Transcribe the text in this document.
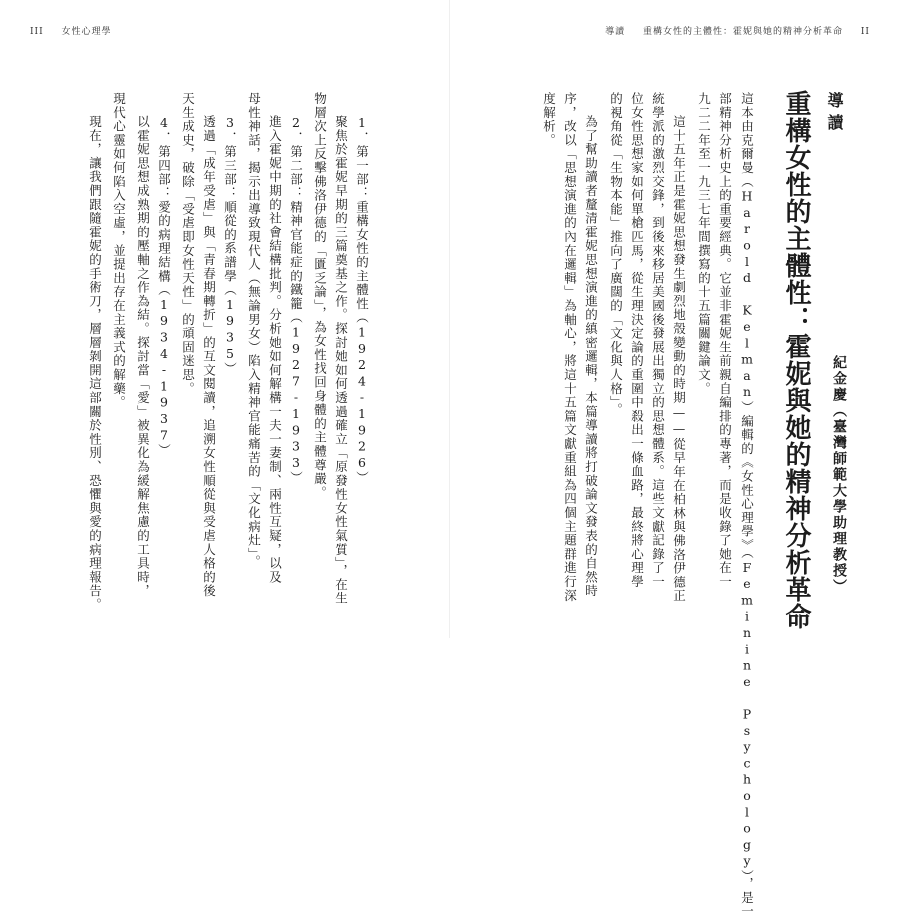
III 女性心理學	導讀 重構女性的主體性：霍妮與她的精神分析革命 II
導讀
重構女性的主體性：霍妮與她的精神分析革命 紀金慶（臺灣師範大學助理教授）
這本由克爾曼（Harold Kelman）編輯的《女性心理學》（Feminine Psychology），是一
部精神分析史上的重要經典。它並非霍妮生前親自編排的專著，而是收錄了她在一
九二二年至一九三七年間撰寫的十五篇關鍵論文。
這十五年正是霍妮思想發生劇烈地殼變動的時期——從早年在柏林與佛洛伊德正
統學派的激烈交鋒，到後來移居美國後發展出獨立的思想體系。這些文獻記錄了一
位女性思想家如何單槍匹馬，從生理決定論的重圍中殺出一條血路，最終將心理學
的視角從「生物本能」推向了廣闊的「文化與人格」。
為了幫助讀者釐清霍妮思想演進的縝密邏輯，本篇導讀將打破論文發表的自然時
序，改以「思想演進的內在邏輯」為軸心，將這十五篇文獻重組為四個主題群進行深
度解析。
1．第一部：重構女性的主體性（1924-1926）
聚焦於霍妮早期的三篇奠基之作。探討她如何透過確立「原發性女性氣質」，在生
物層次上反擊佛洛伊德的「匱乏論」，為女性找回身體的主體尊嚴。
2．第二部：精神官能症的鐵籠（1927-1933）
進入霍妮中期的社會結構批判。分析她如何解構一夫一妻制、兩性互疑，以及
母性神話，揭示出導致現代人（無論男女）陷入精神官能痛苦的「文化病灶」。
3．第三部：順從的系譜學（1935）
透過「成年受虐」與「青春期轉折」的互文閱讀，追溯女性順從與受虐人格的後
天生成史，破除「受虐即女性天性」的頑固迷思。
4．第四部：愛的病理結構（1934-1937）
以霍妮思想成熟期的壓軸之作為結。探討當「愛」被異化為緩解焦慮的工具時，
現代心靈如何陷入空虛，並提出存在主義式的解藥。
現在，讓我們跟隨霍妮的手術刀，層層剝開這部關於性別、恐懼與愛的病理報告。
